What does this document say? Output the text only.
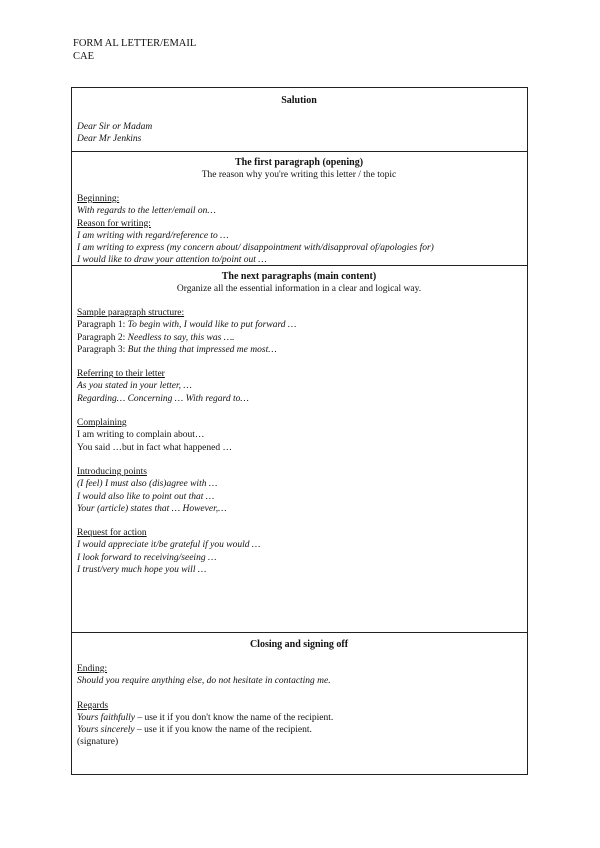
FORM AL LETTER/EMAIL
CAE
Salution
Dear Sir or Madam
Dear Mr Jenkins
The first paragraph (opening)
The reason why you're writing this letter / the topic
Beginning:
With regards to the letter/email on…
Reason for writing:
I am writing with regard/reference to …
I am writing to express (my concern about/ disappointment with/disapproval of/apologies for)
I would like to draw your attention to/point out …
The next paragraphs (main content)
Organize all the essential information in a clear and logical way.
Sample paragraph structure:
Paragraph 1: To begin with, I would like to put forward …
Paragraph 2: Needless to say, this was ….
Paragraph 3: But the thing that impressed me most…
Referring to their letter
As you stated in your letter, …
Regarding… Concerning … With regard to…
Complaining
I am writing to complain about…
You said …but in fact what happened …
Introducing points
(I feel) I must also (dis)agree with …
I would also like to point out that …
Your (article) states that … However,…
Request for action
I would appreciate it/be grateful if you would …
I look forward to receiving/seeing …
I trust/very much hope you will …
Closing and signing off
Ending:
Should you require anything else, do not hesitate in contacting me.
Regards
Yours faithfully – use it if you don't know the name of the recipient.
Yours sincerely – use it if you know the name of the recipient.
(signature)
